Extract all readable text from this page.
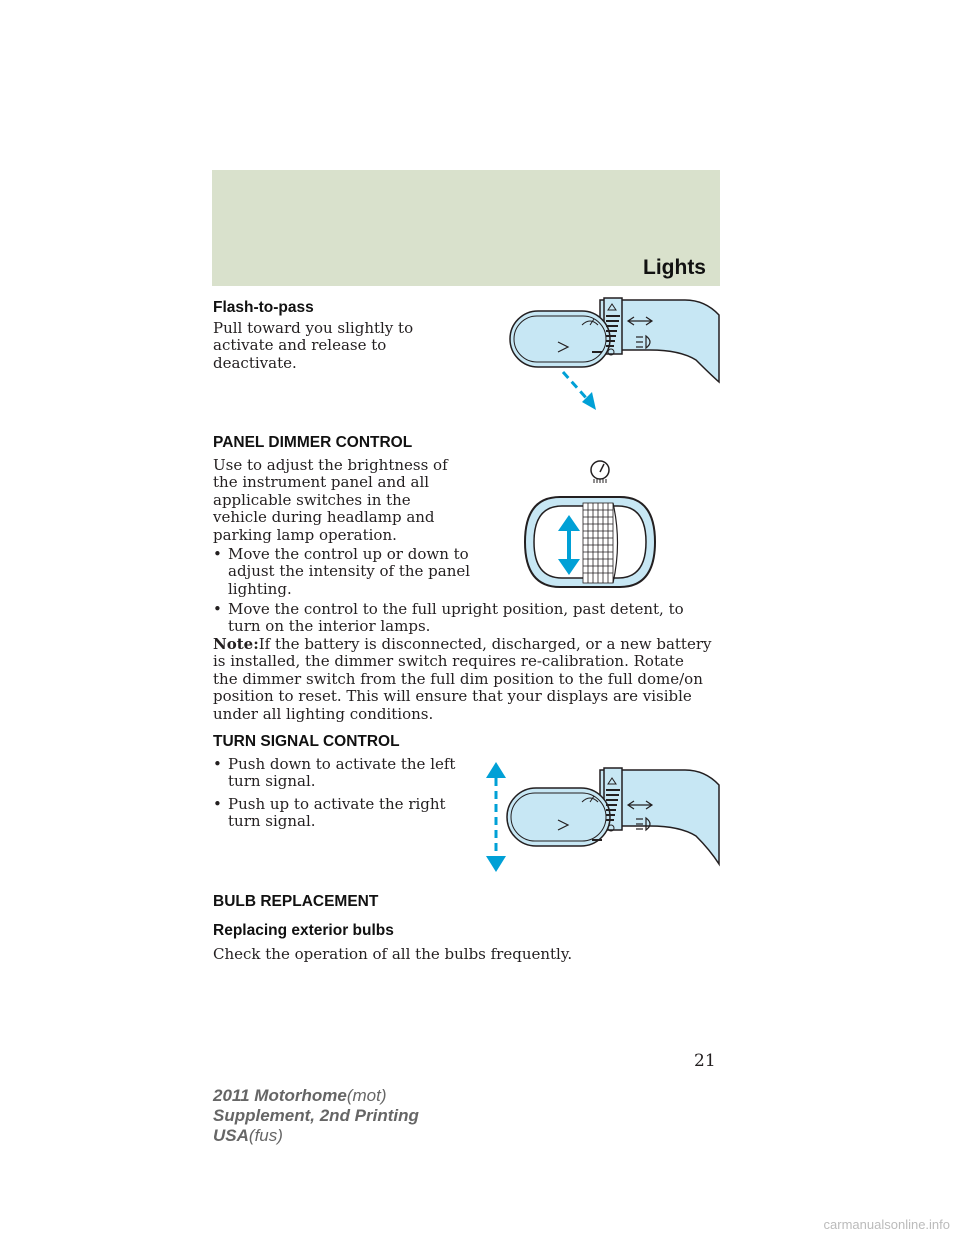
Lights
Flash-to-pass

Pull toward you slightly to activate and release to deactivate.

PANEL DIMMER CONTROL

Use to adjust the brightness of the instrument panel and all applicable switches in the vehicle during headlamp and parking lamp operation.

• Move the control up or down to adjust the intensity of the panel lighting.
• Move the control to the full upright position, past detent, to turn on the interior lamps.

Note:If the battery is disconnected, discharged, or a new battery is installed, the dimmer switch requires re-calibration. Rotate the dimmer switch from the full dim position to the full dome/on position to reset. This will ensure that your displays are visible under all lighting conditions.

TURN SIGNAL CONTROL
• Push down to activate the left turn signal.
• Push up to activate the right turn signal.
BULB REPLACEMENT
Replacing exterior bulbs

Check the operation of all the bulbs frequently.

21
2011 Motorhome(mot)
Supplement, 2nd Printing
USA(fus)
carmanualsonline.info
